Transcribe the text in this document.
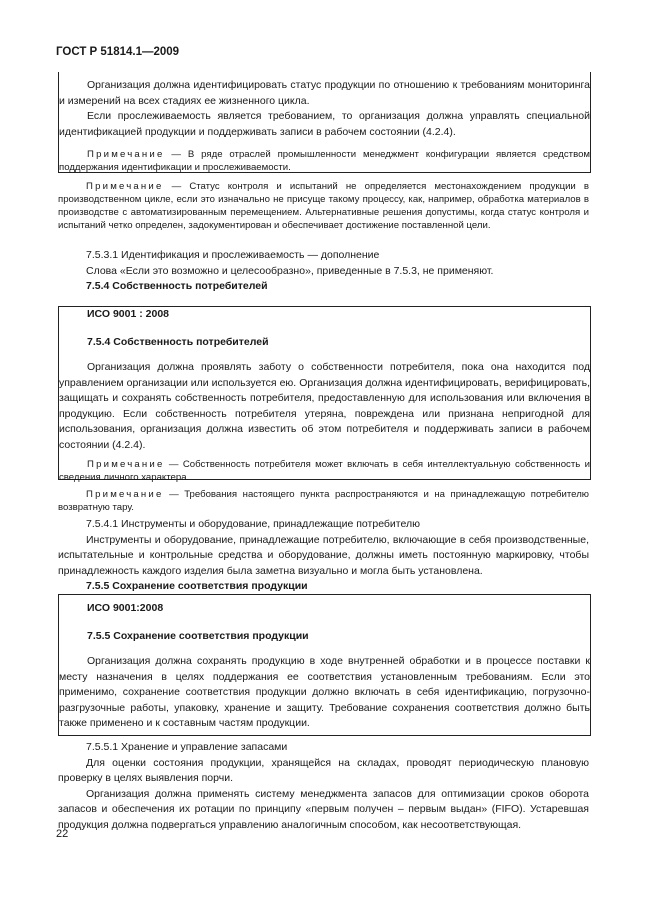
ГОСТ Р 51814.1—2009

Организация должна идентифицировать статус продукции по отношению к требованиям мониторинга и измерений на всех стадиях ее жизненного цикла.

Если прослеживаемость является требованием, то организация должна управлять специальной идентификацией продукции и поддерживать записи в рабочем состоянии (4.2.4).

Примечание — В ряде отраслей промышленности менеджмент конфигурации является средством поддержания идентификации и прослеживаемости.

Примечание — Статус контроля и испытаний не определяется местонахождением продукции в производственном цикле, если это изначально не присуще такому процессу, как, например, обработка материалов в производстве с автоматизированным перемещением. Альтернативные решения допустимы, когда статус контроля и испытаний четко определен, задокументирован и обеспечивает достижение поставленной цели.

7.5.3.1 Идентификация и прослеживаемость — дополнение

Слова «Если это возможно и целесообразно», приведенные в 7.5.3, не применяют.

7.5.4 Собственность потребителей

ИСО 9001 : 2008

7.5.4 Собственность потребителей

Организация должна проявлять заботу о собственности потребителя, пока она находится под управлением организации или используется ею. Организация должна идентифицировать, верифицировать, защищать и сохранять собственность потребителя, предоставленную для использования или включения в продукцию. Если собственность потребителя утеряна, повреждена или признана непригодной для использования, организация должна известить об этом потребителя и поддерживать записи в рабочем состоянии (4.2.4).

Примечание — Собственность потребителя может включать в себя интеллектуальную собственность и сведения личного характера.

Примечание — Требования настоящего пункта распространяются и на принадлежащую потребителю возвратную тару.

7.5.4.1 Инструменты и оборудование, принадлежащие потребителю

Инструменты и оборудование, принадлежащие потребителю, включающие в себя производственные, испытательные и контрольные средства и оборудование, должны иметь постоянную маркировку, чтобы принадлежность каждого изделия была заметна визуально и могла быть установлена.

7.5.5 Сохранение соответствия продукции

ИСО 9001:2008

7.5.5 Сохранение соответствия продукции

Организация должна сохранять продукцию в ходе внутренней обработки и в процессе поставки к месту назначения в целях поддержания ее соответствия установленным требованиям. Если это применимо, сохранение соответствия продукции должно включать в себя идентификацию, погрузочно-разгрузочные работы, упаковку, хранение и защиту. Требование сохранения соответствия должно быть также применено и к составным частям продукции.

7.5.5.1 Хранение и управление запасами

Для оценки состояния продукции, хранящейся на складах, проводят периодическую плановую проверку в целях выявления порчи.

Организация должна применять систему менеджмента запасов для оптимизации сроков оборота запасов и обеспечения их ротации по принципу «первым получен – первым выдан» (FIFO). Устаревшая продукция должна подвергаться управлению аналогичным способом, как несоответствующая.

22
